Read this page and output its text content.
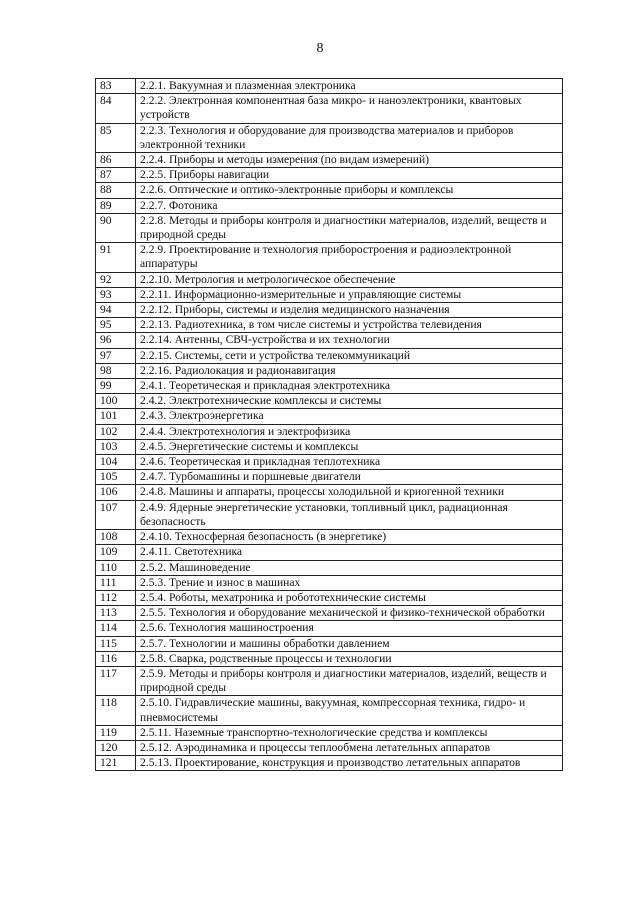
8
83	2.2.1. Вакуумная и плазменная электроника
84	2.2.2. Электронная компонентная база микро- и наноэлектроники, квантовых устройств
85	2.2.3. Технология и оборудование для производства материалов и приборов электронной техники
86	2.2.4. Приборы и методы измерения (по видам измерений)
87	2.2.5. Приборы навигации
88	2.2.6. Оптические и оптико-электронные приборы и комплексы
89	2.2.7. Фотоника
90	2.2.8. Методы и приборы контроля и диагностики материалов, изделий, веществ и природной среды
91	2.2.9. Проектирование и технология приборостроения и радиоэлектронной аппаратуры
92	2.2.10. Метрология и метрологическое обеспечение
93	2.2.11. Информационно-измерительные и управляющие системы
94	2.2.12. Приборы, системы и изделия медицинского назначения
95	2.2.13. Радиотехника, в том числе системы и устройства телевидения
96	2.2.14. Антенны, СВЧ-устройства и их технологии
97	2.2.15. Системы, сети и устройства телекоммуникаций
98	2.2.16. Радиолокация и радионавигация
99	2.4.1. Теоретическая и прикладная электротехника
100	2.4.2. Электротехнические комплексы и системы
101	2.4.3. Электроэнергетика
102	2.4.4. Электротехнология и электрофизика
103	2.4.5. Энергетические системы и комплексы
104	2.4.6. Теоретическая и прикладная теплотехника
105	2.4.7. Турбомашины и поршневые двигатели
106	2.4.8. Машины и аппараты, процессы холодильной и криогенной техники
107	2.4.9. Ядерные энергетические установки, топливный цикл, радиационная безопасность
108	2.4.10. Техносферная безопасность (в энергетике)
109	2.4.11. Светотехника
110	2.5.2. Машиноведение
111	2.5.3. Трение и износ в машинах
112	2.5.4. Роботы, мехатроника и робототехнические системы
113	2.5.5. Технология и оборудование механической и физико-технической обработки
114	2.5.6. Технология машиностроения
115	2.5.7. Технологии и машины обработки давлением
116	2.5.8. Сварка, родственные процессы и технологии
117	2.5.9. Методы и приборы контроля и диагностики материалов, изделий, веществ и природной среды
118	2.5.10. Гидравлические машины, вакуумная, компрессорная техника, гидро- и пневмосистемы
119	2.5.11. Наземные транспортно-технологические средства и комплексы
120	2.5.12. Аэродинамика и процессы теплообмена летательных аппаратов
121	2.5.13. Проектирование, конструкция и производство летательных аппаратов
